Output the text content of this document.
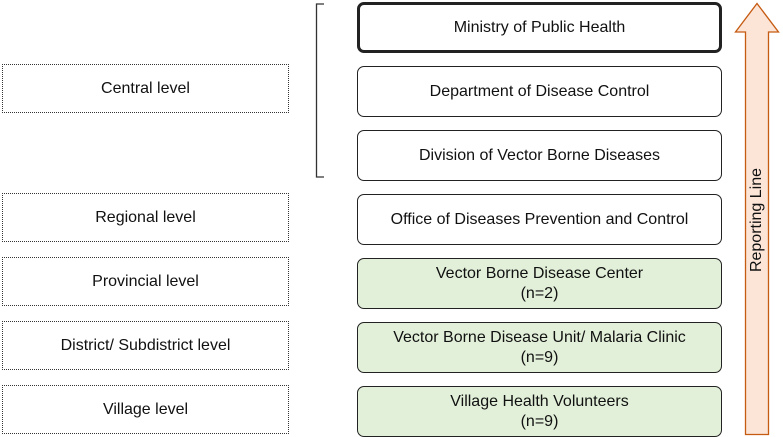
Central level
Regional level
Provincial level
District/ Subdistrict level
Village level
Ministry of Public Health
Department of Disease Control
Division of Vector Borne Diseases
Office of Diseases Prevention and Control
Vector Borne Disease Center
(n=2)
Vector Borne Disease Unit/ Malaria Clinic
(n=9)
Village Health Volunteers
(n=9)
Reporting Line
